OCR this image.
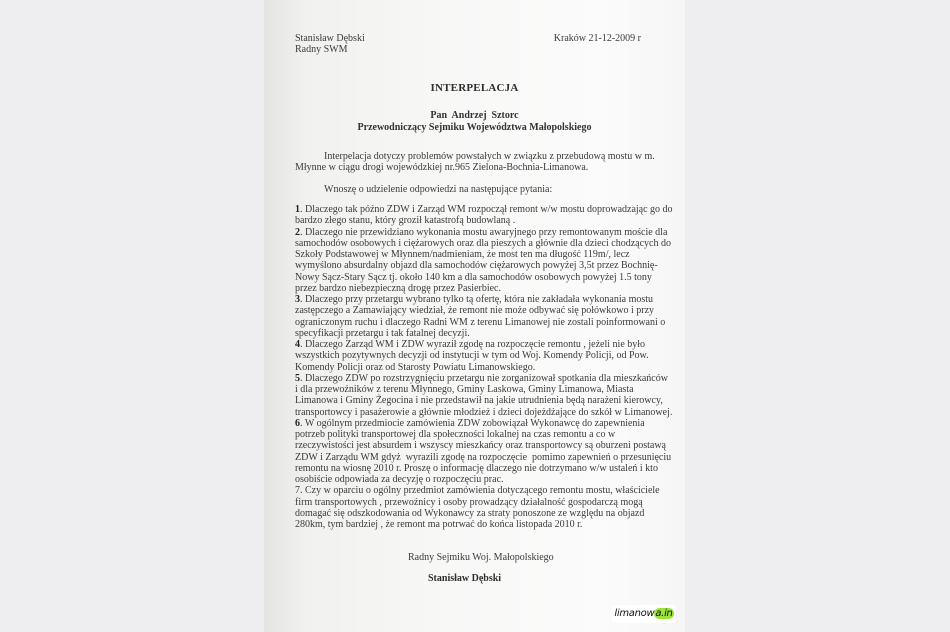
Stanisław Dębski
Radny SWM
Kraków 21-12-2009 r
INTERPELACJA
Pan  Andrzej  Sztorc
Przewodniczący Sejmiku Województwa Małopolskiego
Interpelacja dotyczy problemów powstałych w związku z przebudową mostu w m.
Młynne w ciągu drogi wojewódzkiej nr.965 Zielona-Bochnia-Limanowa.
Wnoszę o udzielenie odpowiedzi na następujące pytania:
1. Dlaczego tak późno ZDW i Zarząd WM rozpoczął remont w/w mostu doprowadzając go do
bardzo złego stanu, który groził katastrofą budowlaną .
2. Dlaczego nie przewidziano wykonania mostu awaryjnego przy remontowanym moście dla
samochodów osobowych i ciężarowych oraz dla pieszych a głównie dla dzieci chodzących do
Szkoły Podstawowej w Młynnem/nadmieniam, że most ten ma długość 119m/, lecz
wymyślono absurdalny objazd dla samochodów ciężarowych powyżej 3,5t przez Bochnię-
Nowy Sącz-Stary Sącz tj. około 140 km a dla samochodów osobowych powyżej 1.5 tony
przez bardzo niebezpieczną drogę przez Pasierbiec.
3. Dlaczego przy przetargu wybrano tylko tą ofertę, która nie zakładała wykonania mostu
zastępczego a Zamawiający wiedział, że remont nie może odbywać się połówkowo i przy
ograniczonym ruchu i dlaczego Radni WM z terenu Limanowej nie zostali poinformowani o
specyfikacji przetargu i tak fatalnej decyzji.
4. Dlaczego Zarząd WM i ZDW wyraził zgodę na rozpoczęcie remontu , jeżeli nie było
wszystkich pozytywnych decyzji od instytucji w tym od Woj. Komendy Policji, od Pow.
Komendy Policji oraz od Starosty Powiatu Limanowskiego.
5. Dlaczego ZDW po rozstrzygnięciu przetargu nie zorganizował spotkania dla mieszkańców
i dla przewoźników z terenu Młynnego, Gminy Laskowa, Gminy Limanowa, Miasta
Limanowa i Gminy Żegocina i nie przedstawił na jakie utrudnienia będą narażeni kierowcy,
transportowcy i pasażerowie a głównie młodzież i dzieci dojeżdżające do szkół w Limanowej.
6. W ogólnym przedmiocie zamówienia ZDW zobowiązał Wykonawcę do zapewnienia
potrzeb polityki transportowej dla społeczności lokalnej na czas remontu a co w
rzeczywistości jest absurdem i wszyscy mieszkańcy oraz transportowcy są oburzeni postawą
ZDW i Zarządu WM gdyż  wyrazili zgodę na rozpoczęcie  pomimo zapewnień o przesunięciu
remontu na wiosnę 2010 r. Proszę o informację dlaczego nie dotrzymano w/w ustaleń i kto
osobiście odpowiada za decyzję o rozpoczęciu prac.
7. Czy w oparciu o ogólny przedmiot zamówienia dotyczącego remontu mostu, właściciele
firm transportowych , przewoźnicy i osoby prowadzący działalność gospodarczą mogą
domagać się odszkodowania od Wykonawcy za straty ponoszone ze względu na objazd
280km, tym bardziej , że remont ma potrwać do końca listopada 2010 r.
Radny Sejmiku Woj. Małopolskiego
Stanisław Dębski
limanowa.in
